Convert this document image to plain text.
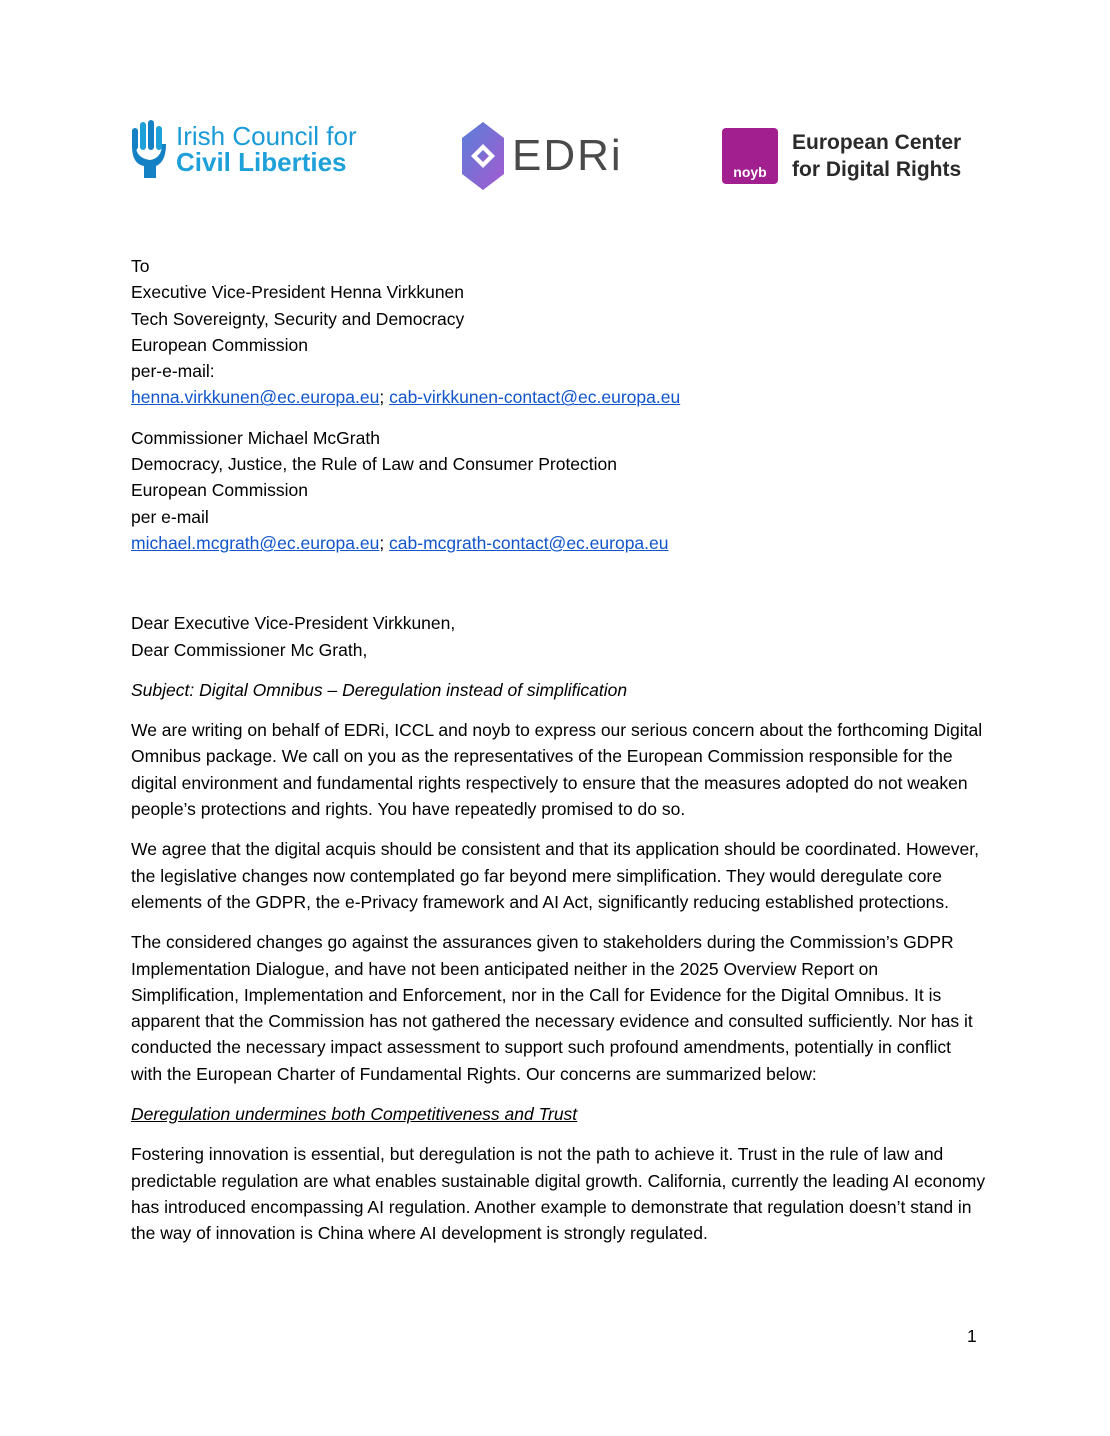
Irish Council for
Civil Liberties	EDRi	noyb
European Center
for Digital Rights
To
Executive Vice-President Henna Virkkunen
Tech Sovereignty, Security and Democracy
European Commission
per-e-mail:
henna.virkkunen@ec.europa.eu; cab-virkkunen-contact@ec.europa.eu
Commissioner Michael McGrath
Democracy, Justice, the Rule of Law and Consumer Protection
European Commission
per e-mail
michael.mcgrath@ec.europa.eu; cab-mcgrath-contact@ec.europa.eu
Dear Executive Vice-President Virkkunen,
Dear Commissioner Mc Grath,
Subject: Digital Omnibus – Deregulation instead of simplification

We are writing on behalf of EDRi, ICCL and noyb to express our serious concern about the forthcoming Digital Omnibus package. We call on you as the representatives of the European Commission responsible for the digital environment and fundamental rights respectively to ensure that the measures adopted do not weaken people’s protections and rights. You have repeatedly promised to do so.

We agree that the digital acquis should be consistent and that its application should be coordinated. However, the legislative changes now contemplated go far beyond mere simplification. They would deregulate core elements of the GDPR, the e-Privacy framework and AI Act, significantly reducing established protections.

The considered changes go against the assurances given to stakeholders during the Commission’s GDPR Implementation Dialogue, and have not been anticipated neither in the 2025 Overview Report on Simplification, Implementation and Enforcement, nor in the Call for Evidence for the Digital Omnibus. It is apparent that the Commission has not gathered the necessary evidence and consulted sufficiently. Nor has it conducted the necessary impact assessment to support such profound amendments, potentially in conflict with the European Charter of Fundamental Rights. Our concerns are summarized below:

Deregulation undermines both Competitiveness and Trust

Fostering innovation is essential, but deregulation is not the path to achieve it. Trust in the rule of law and predictable regulation are what enables sustainable digital growth. California, currently the leading AI economy has introduced encompassing AI regulation. Another example to demonstrate that regulation doesn’t stand in the way of innovation is China where AI development is strongly regulated.

1
